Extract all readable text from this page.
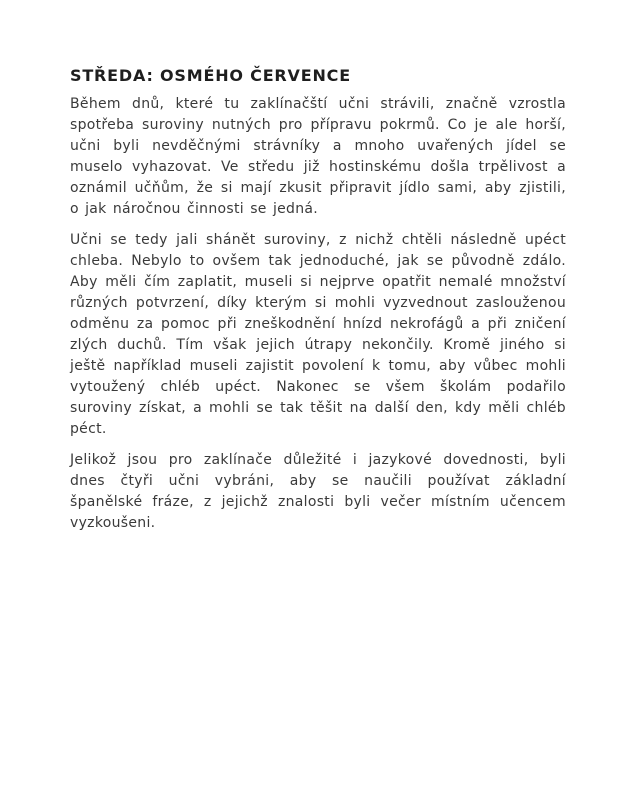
STŘEDA: OSMÉHO ČERVENCE

Během dnů, které tu zaklínačští učni strávili, značně vzrostla spotřeba suroviny nutných pro přípravu pokrmů. Co je ale horší, učni byli nevděčnými strávníky a mnoho uvařených jídel se muselo vyhazovat. Ve středu již hostinskému došla trpělivost a oznámil učňům, že si mají zkusit připravit jídlo sami, aby zjistili, o jak náročnou činnosti se jedná.

Učni se tedy jali shánět suroviny, z nichž chtěli následně upéct chleba. Nebylo to ovšem tak jednoduché, jak se původně zdálo. Aby měli čím zaplatit, museli si nejprve opatřit nemalé množství různých potvrzení, díky kterým si mohli vyzvednout zaslouženou odměnu za pomoc při zneškodnění hnízd nekrofágů a při zničení zlých duchů. Tím však jejich útrapy nekončily. Kromě jiného si ještě například museli zajistit povolení k tomu, aby vůbec mohli vytoužený chléb upéct. Nakonec se všem školám podařilo suroviny získat, a mohli se tak těšit na další den, kdy měli chléb péct.

Jelikož jsou pro zaklínače důležité i jazykové dovednosti, byli dnes čtyři učni vybráni, aby se naučili používat základní španělské fráze, z jejichž znalosti byli večer místním učencem vyzkoušeni.
